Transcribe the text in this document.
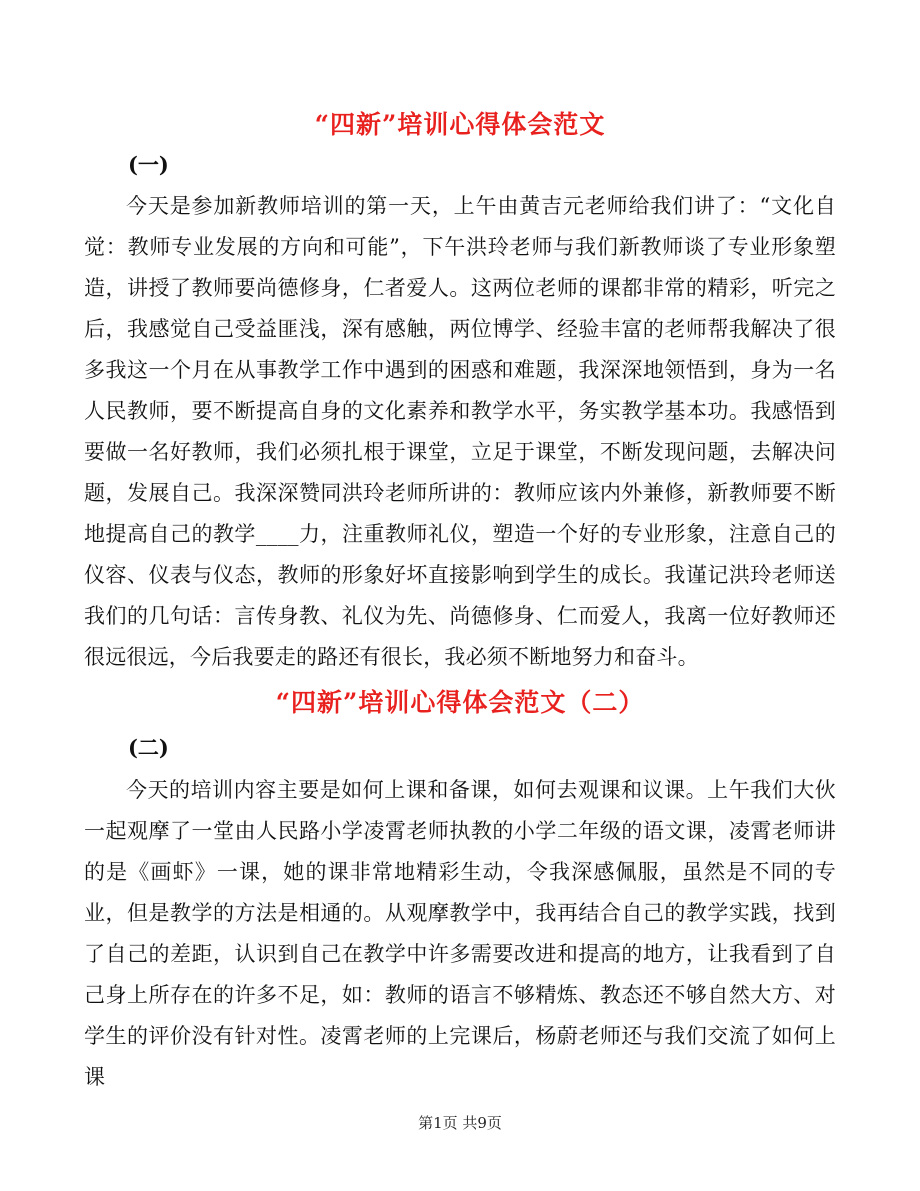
“四新”培训心得体会范文

(一)

今天是参加新教师培训的第一天，上午由黄吉元老师给我们讲了：“文化自觉：教师专业发展的方向和可能”，下午洪玲老师与我们新教师谈了专业形象塑造，讲授了教师要尚德修身，仁者爱人。这两位老师的课都非常的精彩，听完之后，我感觉自己受益匪浅，深有感触，两位博学、经验丰富的老师帮我解决了很多我这一个月在从事教学工作中遇到的困惑和难题，我深深地领悟到，身为一名人民教师，要不断提高自身的文化素养和教学水平，务实教学基本功。我感悟到要做一名好教师，我们必须扎根于课堂，立足于课堂，不断发现问题，去解决问题，发展自己。我深深赞同洪玲老师所讲的：教师应该内外兼修，新教师要不断地提高自己的教学____力，注重教师礼仪，塑造一个好的专业形象，注意自己的仪容、仪表与仪态，教师的形象好坏直接影响到学生的成长。我谨记洪玲老师送我们的几句话：言传身教、礼仪为先、尚德修身、仁而爱人，我离一位好教师还很远很远，今后我要走的路还有很长，我必须不断地努力和奋斗。

“四新”培训心得体会范文（二）

(二)

今天的培训内容主要是如何上课和备课，如何去观课和议课。上午我们大伙一起观摩了一堂由人民路小学凌霄老师执教的小学二年级的语文课，凌霄老师讲的是《画虾》一课，她的课非常地精彩生动，令我深感佩服，虽然是不同的专业，但是教学的方法是相通的。从观摩教学中，我再结合自己的教学实践，找到了自己的差距，认识到自己在教学中许多需要改进和提高的地方，让我看到了自己身上所存在的许多不足，如：教师的语言不够精炼、教态还不够自然大方、对学生的评价没有针对性。凌霄老师的上完课后，杨蔚老师还与我们交流了如何上课

第1页 共9页
